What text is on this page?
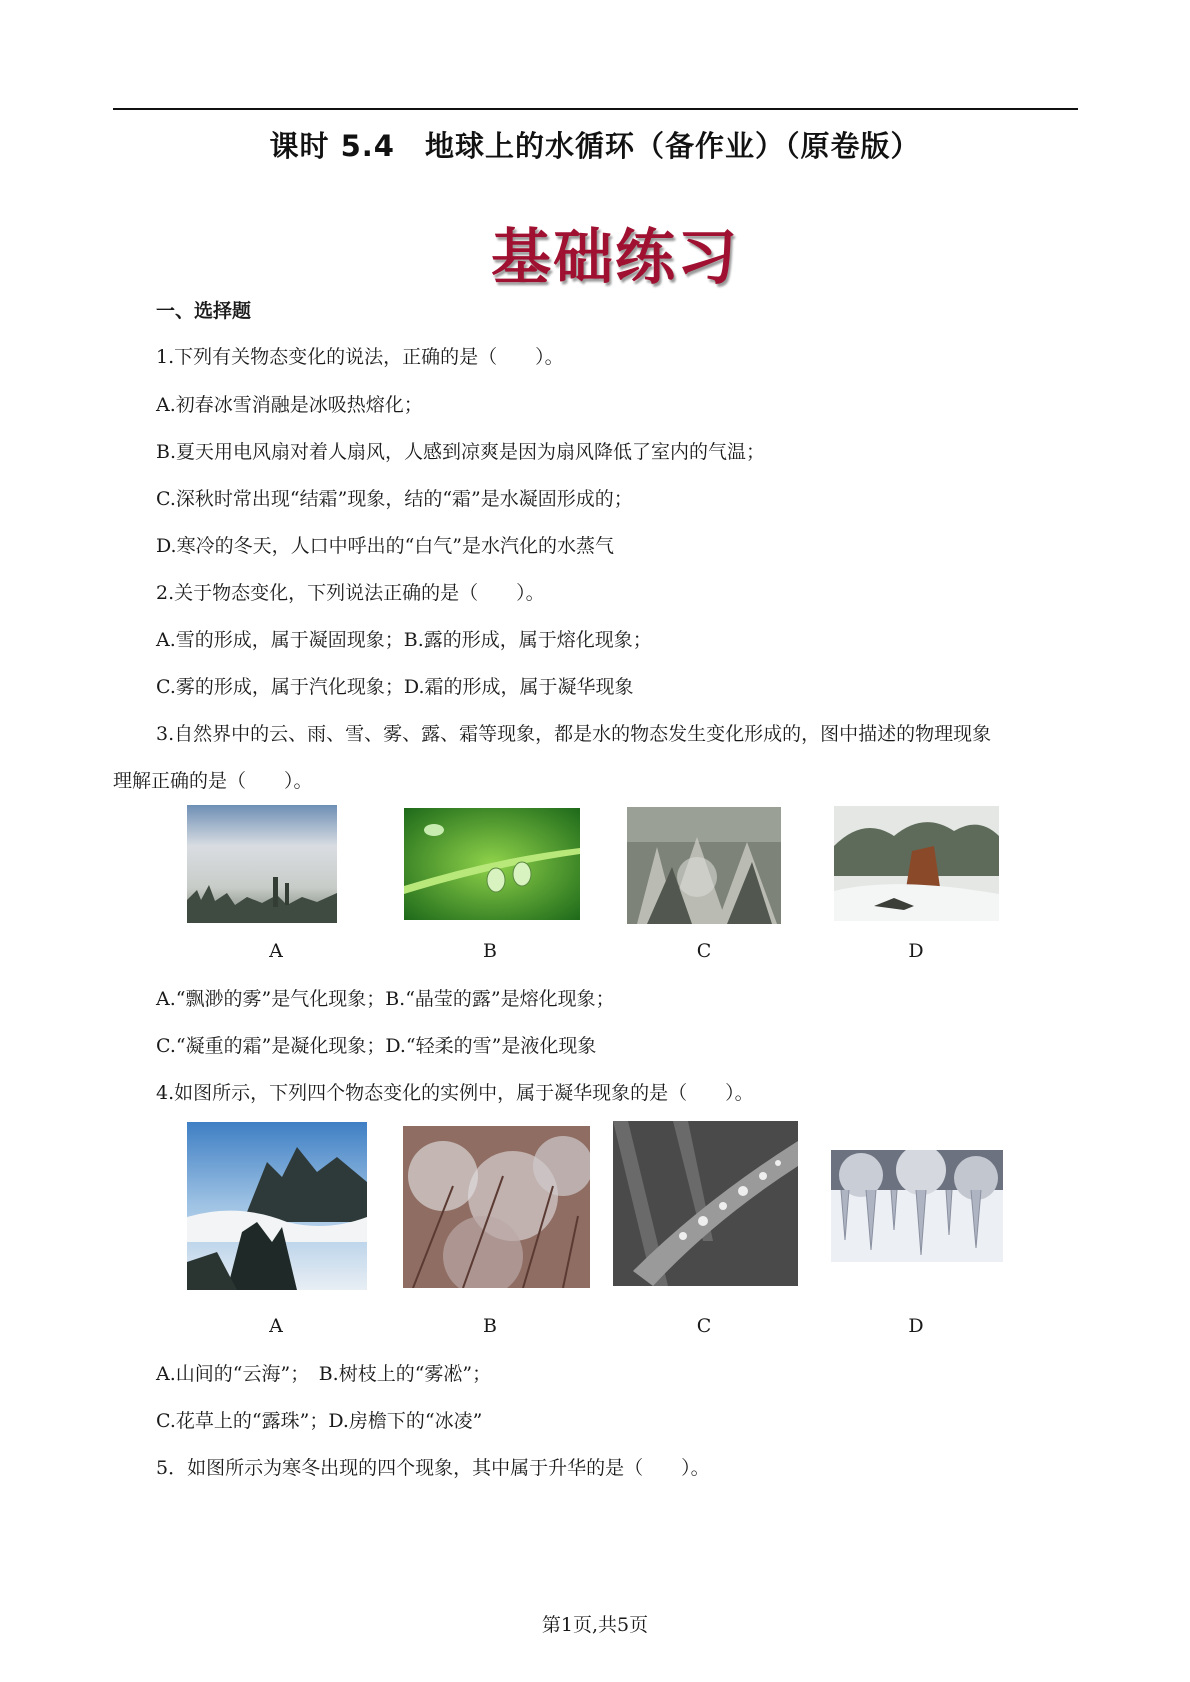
课时 5.4　地球上的水循环（备作业）（原卷版）
基础练习
一、选择题
1.下列有关物态变化的说法，正确的是（　　）。
A.初春冰雪消融是冰吸热熔化；
B.夏天用电风扇对着人扇风，人感到凉爽是因为扇风降低了室内的气温；
C.深秋时常出现“结霜”现象，结的“霜”是水凝固形成的；
D.寒冷的冬天，人口中呼出的“白气”是水汽化的水蒸气
2.关于物态变化，下列说法正确的是（　　）。
A.雪的形成，属于凝固现象；B.露的形成，属于熔化现象；
C.雾的形成，属于汽化现象；D.霜的形成，属于凝华现象
3.自然界中的云、雨、雪、雾、露、霜等现象，都是水的物态发生变化形成的，图中描述的物理现象
理解正确的是（　　）。
A	B	C	D
A.“飘渺的雾”是气化现象；B.“晶莹的露”是熔化现象；
C.“凝重的霜”是凝化现象；D.“轻柔的雪”是液化现象
4.如图所示，下列四个物态变化的实例中，属于凝华现象的是（　　）。
A	B	C	D
A.山间的“云海”；　B.树枝上的“雾凇”；
C.花草上的“露珠”；D.房檐下的“冰凌”
5．如图所示为寒冬出现的四个现象，其中属于升华的是（　　）。
第1页,共5页
